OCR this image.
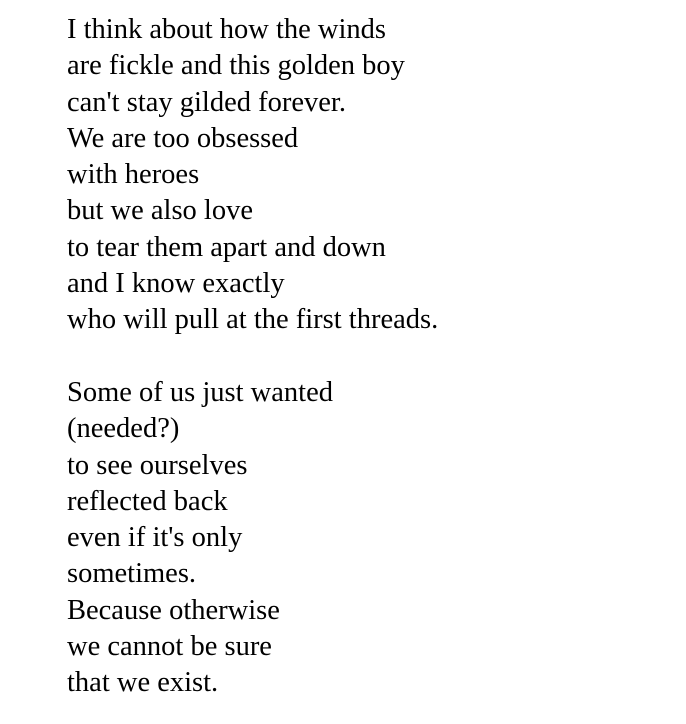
I think about how the winds
are fickle and this golden boy
can't stay gilded forever.
We are too obsessed
with heroes
but we also love
to tear them apart and down
and I know exactly
who will pull at the first threads.

Some of us just wanted
(needed?)
to see ourselves
reflected back
even if it's only
sometimes.
Because otherwise
we cannot be sure
that we exist.
